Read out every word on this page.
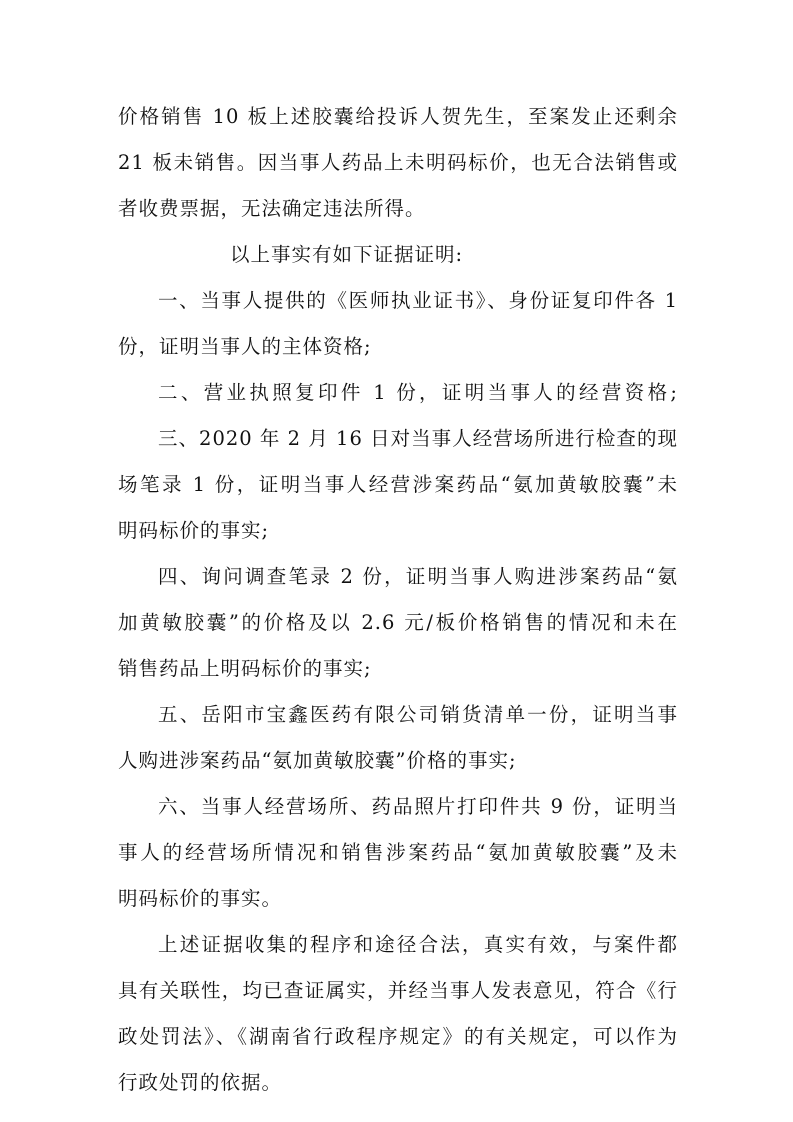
价格销售 10 板上述胶囊给投诉人贺先生，至案发止还剩余
21 板未销售。因当事人药品上未明码标价，也无合法销售或
者收费票据，无法确定违法所得。
以上事实有如下证据证明:
一、当事人提供的《医师执业证书》、身份证复印件各 1
份，证明当事人的主体资格;
二、营业执照复印件 1 份，证明当事人的经营资格;
三、2020 年 2 月 16 日对当事人经营场所进行检查的现
场笔录 1 份，证明当事人经营涉案药品“氨加黄敏胶囊”未
明码标价的事实;
四、询问调查笔录 2 份，证明当事人购进涉案药品“氨
加黄敏胶囊”的价格及以 2.6 元/板价格销售的情况和未在
销售药品上明码标价的事实;
五、岳阳市宝鑫医药有限公司销货清单一份，证明当事
人购进涉案药品“氨加黄敏胶囊”价格的事实;
六、当事人经营场所、药品照片打印件共 9 份，证明当
事人的经营场所情况和销售涉案药品“氨加黄敏胶囊”及未
明码标价的事实。
上述证据收集的程序和途径合法，真实有效，与案件都
具有关联性，均已查证属实，并经当事人发表意见，符合《行
政处罚法》、《湖南省行政程序规定》的有关规定，可以作为
行政处罚的依据。
